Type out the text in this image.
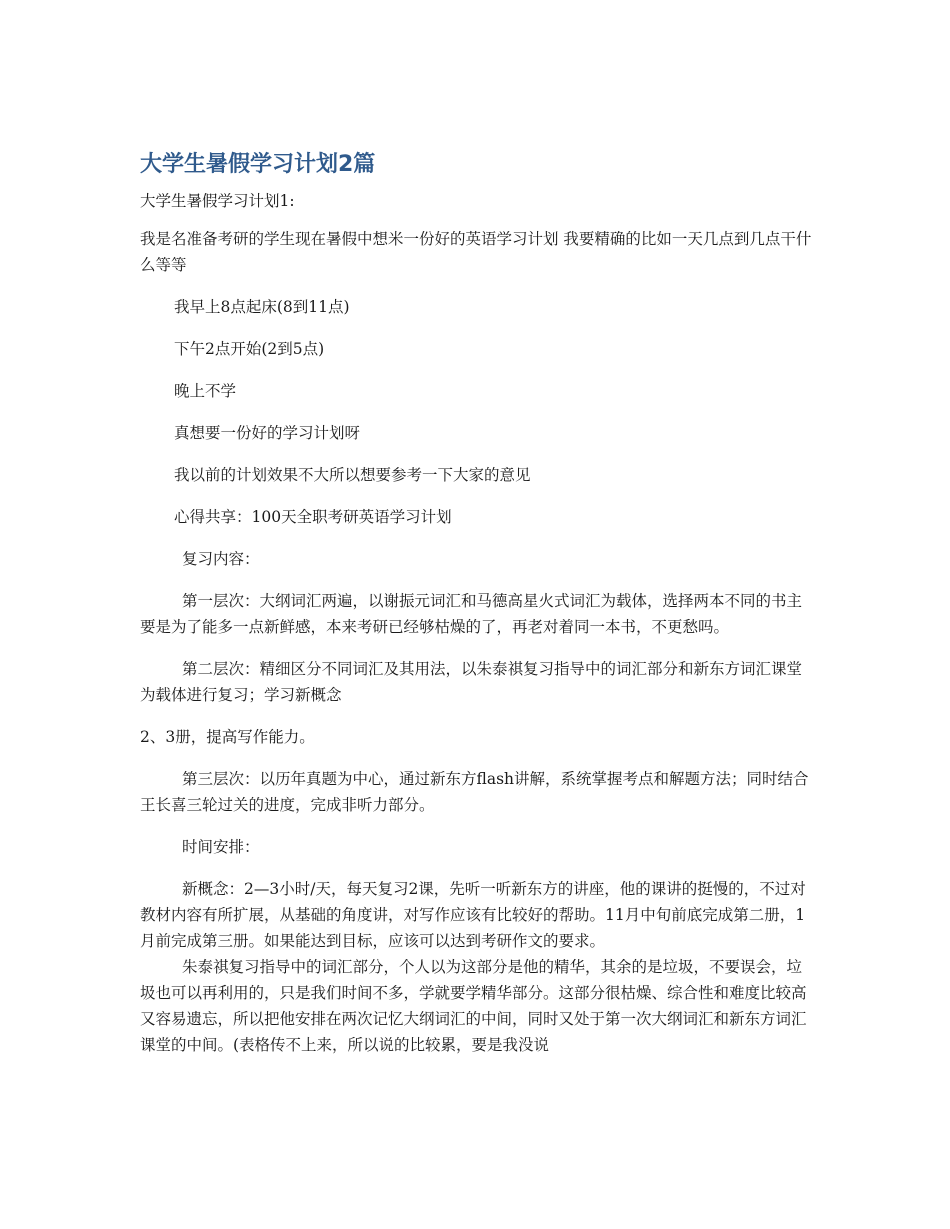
大学生暑假学习计划2篇

大学生暑假学习计划1:

我是名准备考研的学生现在暑假中想米一份好的英语学习计划 我要精确的比如一天几点到几点干什么等等

我早上8点起床(8到11点)

下午2点开始(2到5点)

晚上不学

真想要一份好的学习计划呀

我以前的计划效果不大所以想要参考一下大家的意见

心得共享：100天全职考研英语学习计划

复习内容：

第一层次：大纲词汇两遍，以谢振元词汇和马德高星火式词汇为载体，选择两本不同的书主要是为了能多一点新鲜感，本来考研已经够枯燥的了，再老对着同一本书，不更愁吗。

第二层次：精细区分不同词汇及其用法，以朱泰祺复习指导中的词汇部分和新东方词汇课堂为载体进行复习；学习新概念

2、3册，提高写作能力。

第三层次：以历年真题为中心，通过新东方flash讲解，系统掌握考点和解题方法；同时结合王长喜三轮过关的进度，完成非听力部分。

时间安排：

新概念：2—3小时/天，每天复习2课，先听一听新东方的讲座，他的课讲的挺慢的，不过对教材内容有所扩展，从基础的角度讲，对写作应该有比较好的帮助。11月中旬前底完成第二册，1月前完成第三册。如果能达到目标，应该可以达到考研作文的要求。

朱泰祺复习指导中的词汇部分，个人以为这部分是他的精华，其余的是垃圾，不要误会，垃圾也可以再利用的，只是我们时间不多，学就要学精华部分。这部分很枯燥、综合性和难度比较高又容易遗忘，所以把他安排在两次记忆大纲词汇的中间，同时又处于第一次大纲词汇和新东方词汇课堂的中间。(表格传不上来，所以说的比较累，要是我没说
